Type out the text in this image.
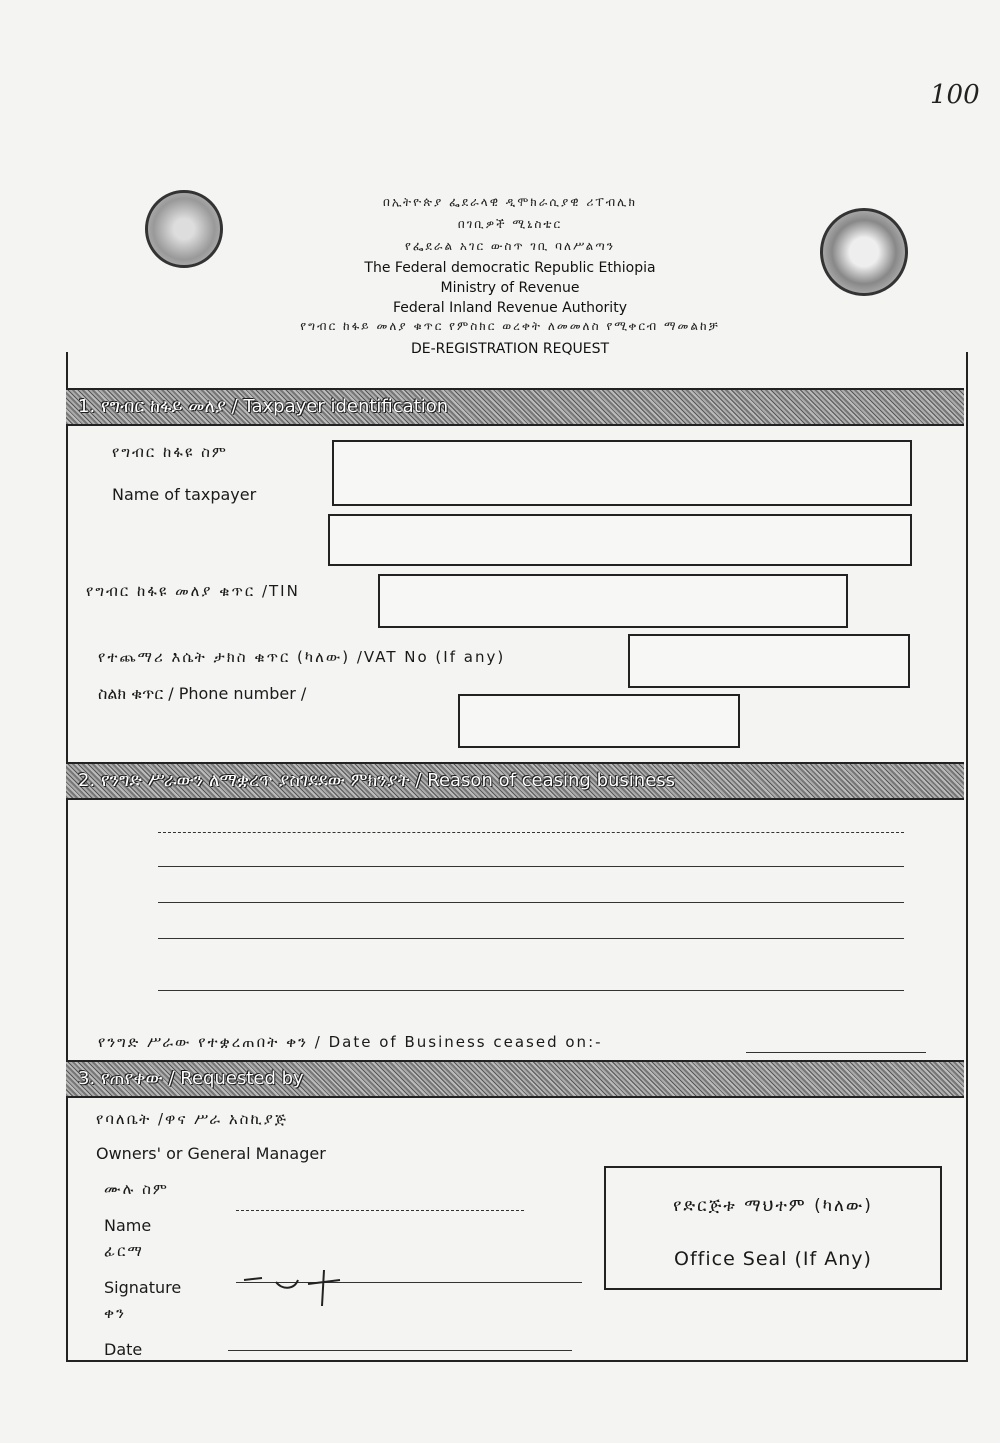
100
በኢትዮጵያ ፌደራላዊ ዲሞክራሲያዊ ሪፐብሊክ
በገቢዎች ሚኒስቴር
የፌደራል አገር ውስጥ ገቢ ባለሥልጣን
The Federal democratic Republic Ethiopia
Ministry of Revenue
Federal Inland Revenue Authority
የግብር ከፋይ መለያ ቁጥር የምስክር ወረቀት ለመመለስ የሚቀርብ ማመልከቻ
DE-REGISTRATION REQUEST
1. የግብር ከፋይ መለያ / Taxpayer identification
የግብር ከፋዩ ስም
Name of taxpayer
የግብር ከፋዩ መለያ ቁጥር /TIN
የተጨማሪ እሴት ታክስ ቁጥር (ካለው) /VAT No (If any)
ስልክ ቁጥር / Phone number /
2. የንግድ ሥራውን ለማቋረጥ ያስገደደው ምክንያት / Reason of ceasing business
የንግድ ሥራው የተቋረጠበት ቀን / Date of Business ceased on:-
3. የጠየቀው / Requested by
የባለቤት /ዋና ሥራ አስኪያጅ
Owners' or General Manager
ሙሉ ስም
Name
ፊርማ
Signature
ቀን
Date
የድርጅቱ ማህተም (ካለው)
Office Seal (If Any)
